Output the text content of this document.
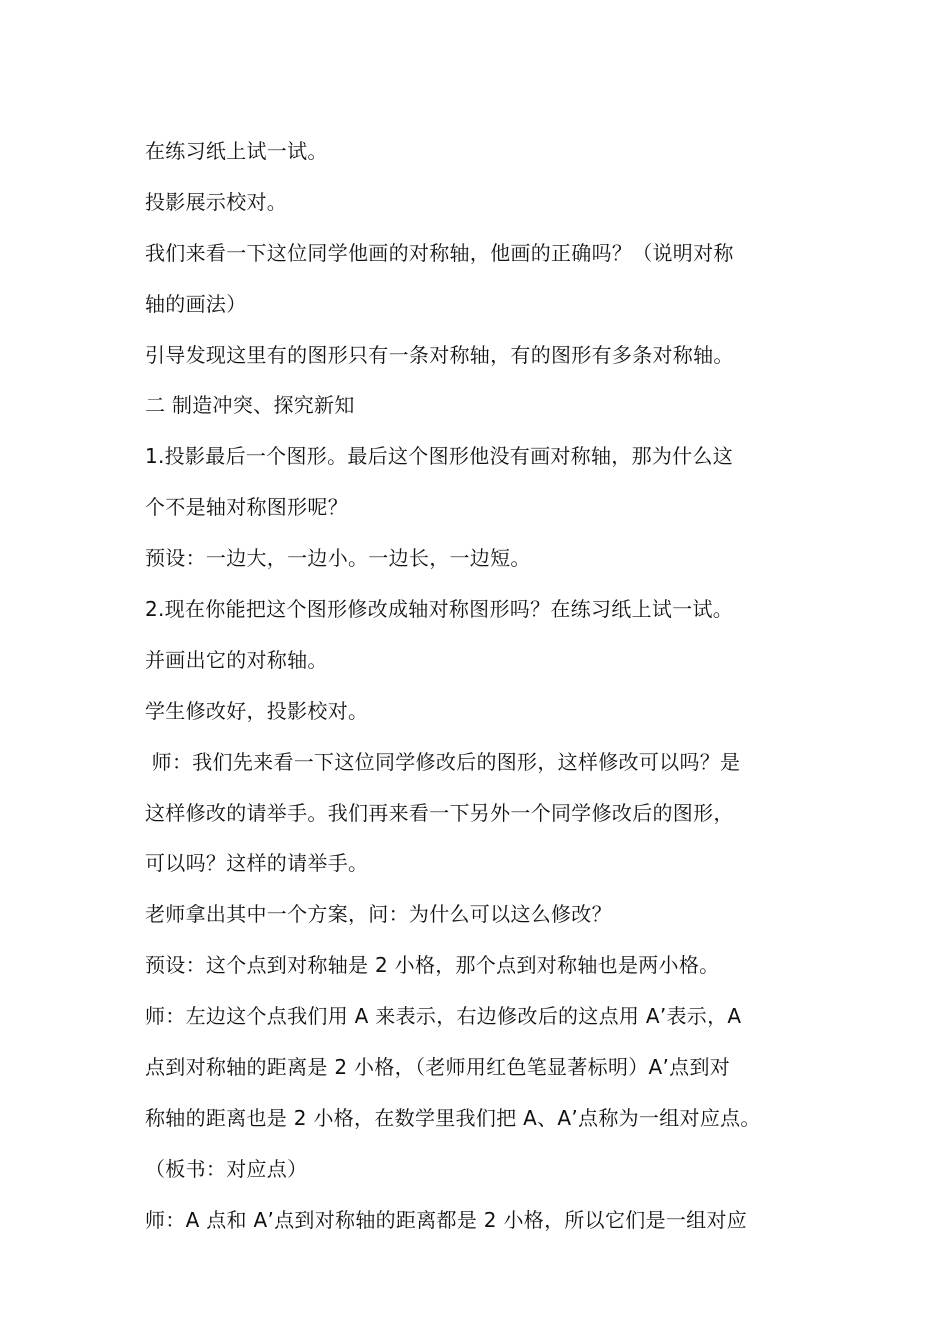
在练习纸上试一试。
投影展示校对。
我们来看一下这位同学他画的对称轴，他画的正确吗？（说明对称
轴的画法）
引导发现这里有的图形只有一条对称轴，有的图形有多条对称轴。
二 制造冲突、探究新知
1.投影最后一个图形。最后这个图形他没有画对称轴，那为什么这
个不是轴对称图形呢？
预设：一边大，一边小。一边长，一边短。
2.现在你能把这个图形修改成轴对称图形吗？在练习纸上试一试。
并画出它的对称轴。
学生修改好，投影校对。
师：我们先来看一下这位同学修改后的图形，这样修改可以吗？是
这样修改的请举手。我们再来看一下另外一个同学修改后的图形，
可以吗？这样的请举手。
老师拿出其中一个方案，问：为什么可以这么修改？
预设：这个点到对称轴是 2 小格，那个点到对称轴也是两小格。
师：左边这个点我们用 A 来表示，右边修改后的这点用 A’表示，A
点到对称轴的距离是 2 小格，（老师用红色笔显著标明）A’点到对
称轴的距离也是 2 小格，在数学里我们把 A、A’点称为一组对应点。
（板书：对应点）
师：A 点和 A’点到对称轴的距离都是 2 小格，所以它们是一组对应
